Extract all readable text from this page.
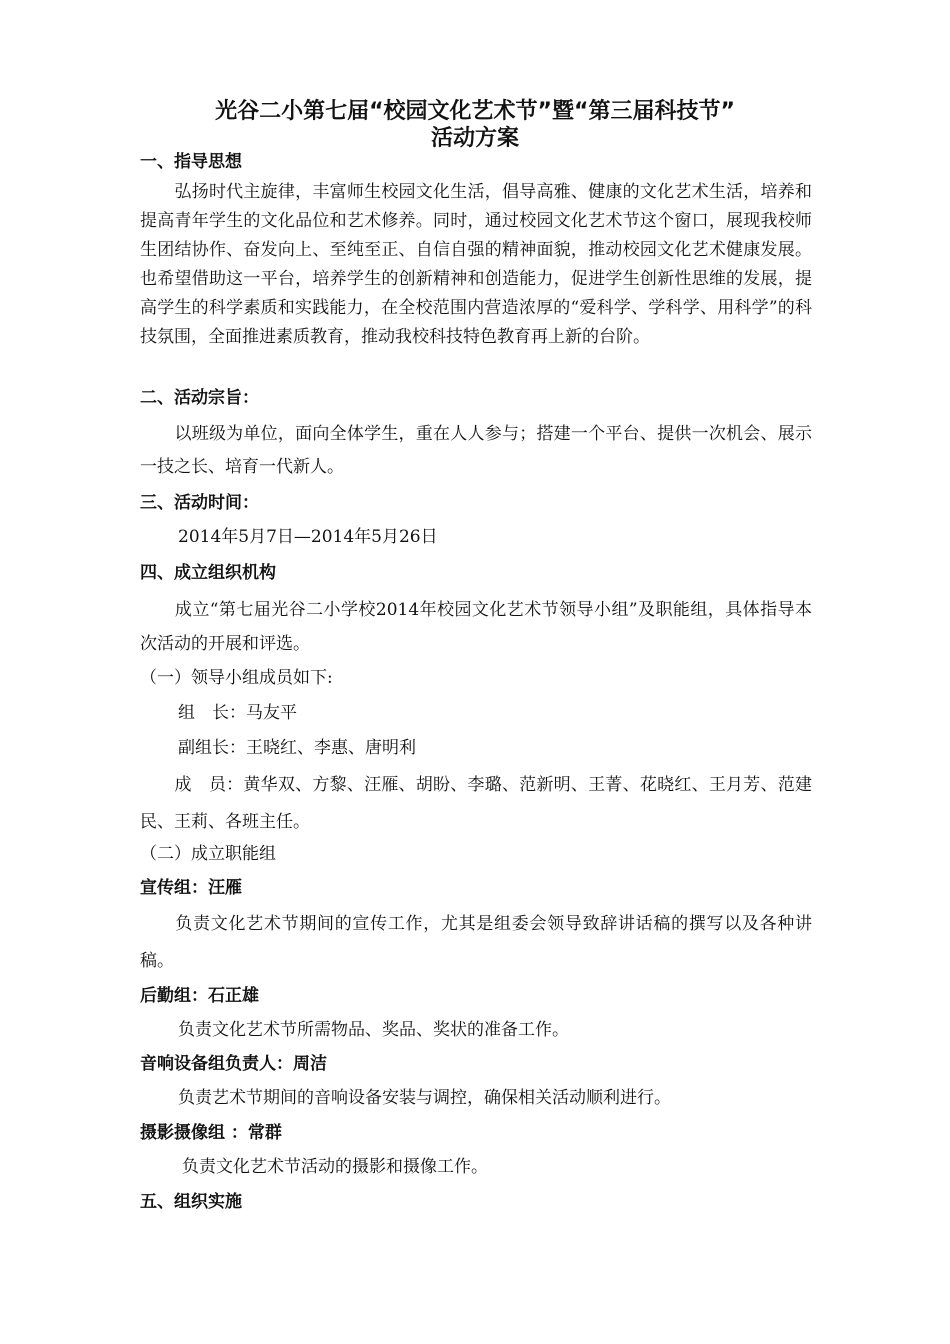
光谷二小第七届“校园文化艺术节”暨“第三届科技节”
活动方案
一、指导思想
　　弘扬时代主旋律，丰富师生校园文化生活，倡导高雅、健康的文化艺术生活，培养和提高青年学生的文化品位和艺术修养。同时，通过校园文化艺术节这个窗口，展现我校师生团结协作、奋发向上、至纯至正、自信自强的精神面貌，推动校园文化艺术健康发展。也希望借助这一平台，培养学生的创新精神和创造能力，促进学生创新性思维的发展，提高学生的科学素质和实践能力，在全校范围内营造浓厚的“爱科学、学科学、用科学”的科技氛围，全面推进素质教育，推动我校科技特色教育再上新的台阶。
二、活动宗旨：
　　以班级为单位，面向全体学生，重在人人参与；搭建一个平台、提供一次机会、展示一技之长、培育一代新人。
三、活动时间：
2014年5月7日—2014年5月26日
四、成立组织机构
　　成立“第七届光谷二小学校2014年校园文化艺术节领导小组”及职能组，具体指导本次活动的开展和评选。
（一）领导小组成员如下:
组　长：马友平
副组长：王晓红、李惠、唐明利
　　成　员：黄华双、方黎、汪雁、胡盼、李璐、范新明、王菁、花晓红、王月芳、范建民、王莉、各班主任。
（二）成立职能组
宣传组：汪雁
　　负责文化艺术节期间的宣传工作，尤其是组委会领导致辞讲话稿的撰写以及各种讲稿。
后勤组：石正雄
负责文化艺术节所需物品、奖品、奖状的准备工作。
音响设备组负责人：周洁
负责艺术节期间的音响设备安装与调控，确保相关活动顺利进行。
摄影摄像组 ：常群
负责文化艺术节活动的摄影和摄像工作。
五、组织实施
